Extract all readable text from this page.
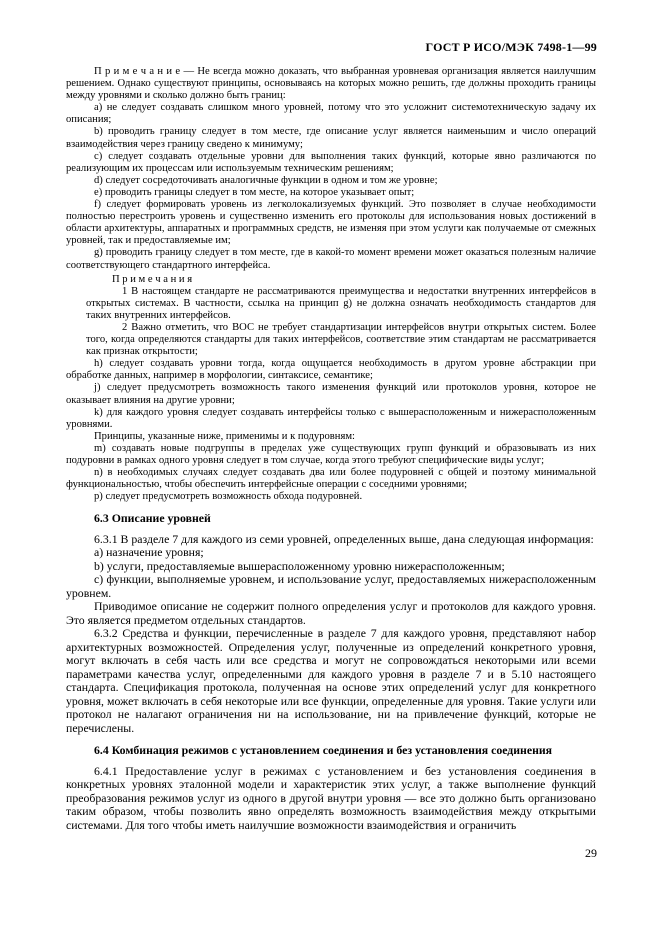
ГОСТ Р ИСО/МЭК 7498-1—99

П р и м е ч а н и е — Не всегда можно доказать, что выбранная уровневая организация является наилучшим решением. Однако существуют принципы, основываясь на которых можно решить, где должны проходить границы между уровнями и сколько должно быть границ:

a) не следует создавать слишком много уровней, потому что это усложнит системотехническую задачу их описания;

b) проводить границу следует в том месте, где описание услуг является наименьшим и число операций взаимодействия через границу сведено к минимуму;

c) следует создавать отдельные уровни для выполнения таких функций, которые явно различаются по реализующим их процессам или используемым техническим решениям;

d) следует сосредоточивать аналогичные функции в одном и том же уровне;

e) проводить границы следует в том месте, на которое указывает опыт;

f) следует формировать уровень из легколокализуемых функций. Это позволяет в случае необходимости полностью перестроить уровень и существенно изменить его протоколы для использования новых достижений в области архитектуры, аппаратных и программных средств, не изменяя при этом услуги как получаемые от смежных уровней, так и предоставляемые им;

g) проводить границу следует в том месте, где в какой-то момент времени может оказаться полезным наличие соответствующего стандартного интерфейса.

П р и м е ч а н и я

1 В настоящем стандарте не рассматриваются преимущества и недостатки внутренних интерфейсов в открытых системах. В частности, ссылка на принцип g) не должна означать необходимость стандартов для таких внутренних интерфейсов.

2 Важно отметить, что ВОС не требует стандартизации интерфейсов внутри открытых систем. Более того, когда определяются стандарты для таких интерфейсов, соответствие этим стандартам не рассматривается как признак открытости;

h) следует создавать уровни тогда, когда ощущается необходимость в другом уровне абстракции при обработке данных, например в морфологии, синтаксисе, семантике;

j) следует предусмотреть возможность такого изменения функций или протоколов уровня, которое не оказывает влияния на другие уровни;

k) для каждого уровня следует создавать интерфейсы только с вышерасположенным и нижерасположенным уровнями.

Принципы, указанные ниже, применимы и к подуровням:

m) создавать новые подгруппы в пределах уже существующих групп функций и образовывать из них подуровни в рамках одного уровня следует в том случае, когда этого требуют специфические виды услуг;

n) в необходимых случаях следует создавать два или более подуровней с общей и поэтому минимальной функциональностью, чтобы обеспечить интерфейсные операции с соседними уровнями;

p) следует предусмотреть возможность обхода подуровней.

6.3 Описание уровней

6.3.1 В разделе 7 для каждого из семи уровней, определенных выше, дана следующая информация:

a) назначение уровня;

b) услуги, предоставляемые вышерасположенному уровню нижерасположенным;

c) функции, выполняемые уровнем, и использование услуг, предоставляемых нижерасположенным уровнем.

Приводимое описание не содержит полного определения услуг и протоколов для каждого уровня. Это является предметом отдельных стандартов.

6.3.2 Средства и функции, перечисленные в разделе 7 для каждого уровня, представляют набор архитектурных возможностей. Определения услуг, полученные из определений конкретного уровня, могут включать в себя часть или все средства и могут не сопровождаться некоторыми или всеми параметрами качества услуг, определенными для каждого уровня в разделе 7 и в 5.10 настоящего стандарта. Спецификация протокола, полученная на основе этих определений услуг для конкретного уровня, может включать в себя некоторые или все функции, определенные для уровня. Такие услуги или протокол не налагают ограничения ни на использование, ни на привлечение функций, которые не перечислены.

6.4 Комбинация режимов с установлением соединения и без установления соединения

6.4.1 Предоставление услуг в режимах с установлением и без установления соединения в конкретных уровнях эталонной модели и характеристик этих услуг, а также выполнение функций преобразования режимов услуг из одного в другой внутри уровня — все это должно быть организовано таким образом, чтобы позволить явно определять возможность взаимодействия между открытыми системами. Для того чтобы иметь наилучшие возможности взаимодействия и ограничить

29
